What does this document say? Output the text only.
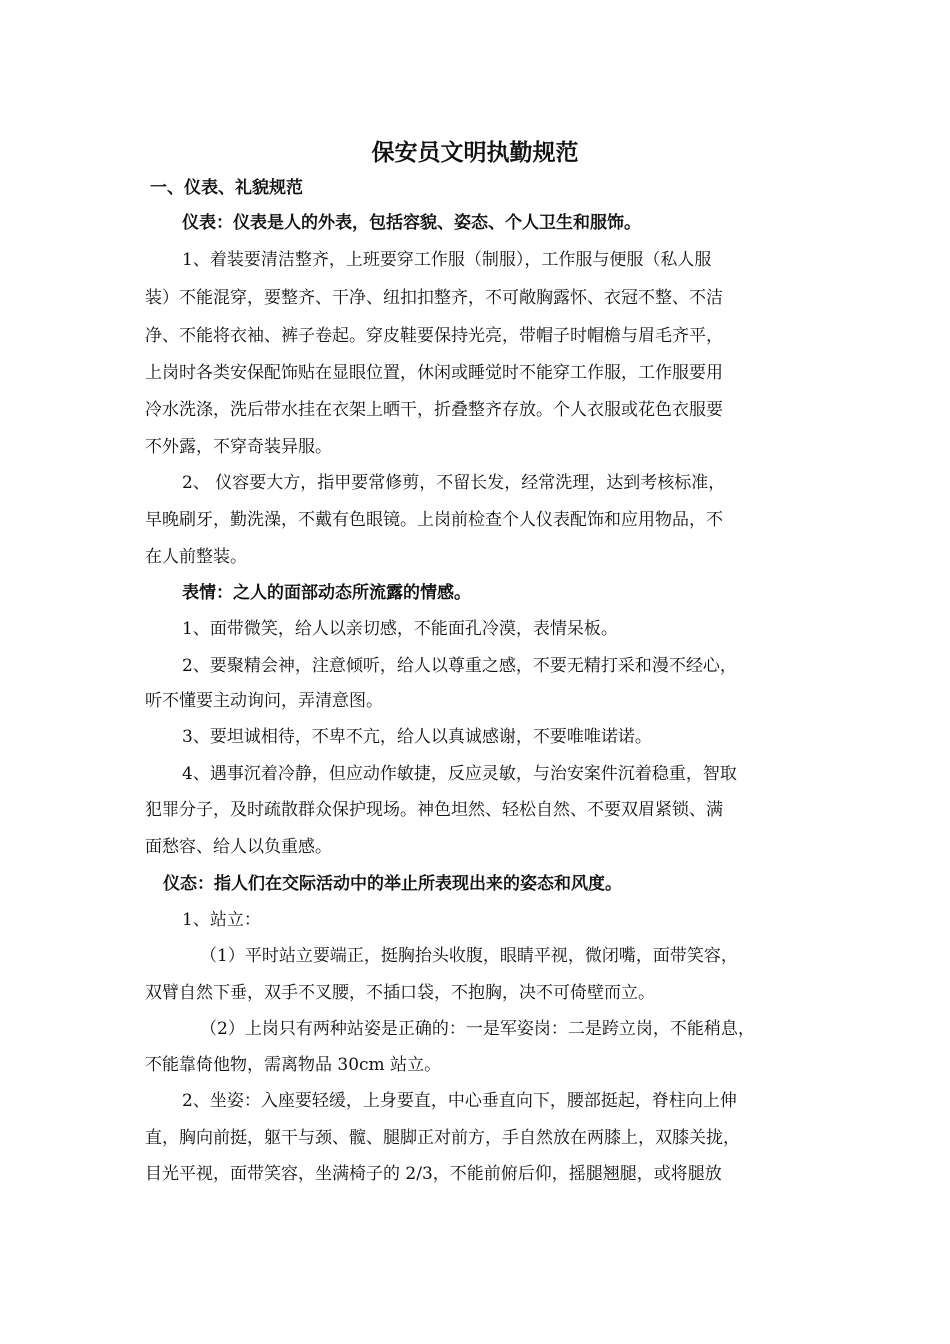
保安员文明执勤规范
一、仪表、礼貌规范
仪表：仪表是人的外表，包括容貌、姿态、个人卫生和服饰。
1、着装要清洁整齐，上班要穿工作服（制服），工作服与便服（私人服
装）不能混穿，要整齐、干净、纽扣扣整齐，不可敞胸露怀、衣冠不整、不洁
净、不能将衣袖、裤子卷起。穿皮鞋要保持光亮，带帽子时帽檐与眉毛齐平，
上岗时各类安保配饰贴在显眼位置，休闲或睡觉时不能穿工作服，工作服要用
冷水洗涤，洗后带水挂在衣架上晒干，折叠整齐存放。个人衣服或花色衣服要
不外露，不穿奇装异服。
2、 仪容要大方，指甲要常修剪，不留长发，经常洗理，达到考核标准，
早晚刷牙，勤洗澡，不戴有色眼镜。上岗前检查个人仪表配饰和应用物品，不
在人前整装。
表情：之人的面部动态所流露的情感。
1、面带微笑，给人以亲切感，不能面孔冷漠，表情呆板。
2、要聚精会神，注意倾听，给人以尊重之感，不要无精打采和漫不经心，
听不懂要主动询问，弄清意图。
3、要坦诚相待，不卑不亢，给人以真诚感谢，不要唯唯诺诺。
4、遇事沉着冷静，但应动作敏捷，反应灵敏，与治安案件沉着稳重，智取
犯罪分子，及时疏散群众保护现场。神色坦然、轻松自然、不要双眉紧锁、满
面愁容、给人以负重感。
仪态：指人们在交际活动中的举止所表现出来的姿态和风度。
1、站立：
（1）平时站立要端正，挺胸抬头收腹，眼睛平视，微闭嘴，面带笑容，
双臂自然下垂，双手不叉腰，不插口袋，不抱胸，决不可倚壁而立。
（2）上岗只有两种站姿是正确的：一是军姿岗：二是跨立岗，不能稍息，
不能靠倚他物，需离物品 30cm 站立。
2、坐姿：入座要轻缓，上身要直，中心垂直向下，腰部挺起，脊柱向上伸
直，胸向前挺，躯干与颈、髋、腿脚正对前方，手自然放在两膝上，双膝关拢，
目光平视，面带笑容，坐满椅子的 2/3，不能前俯后仰，摇腿翘腿，或将腿放
